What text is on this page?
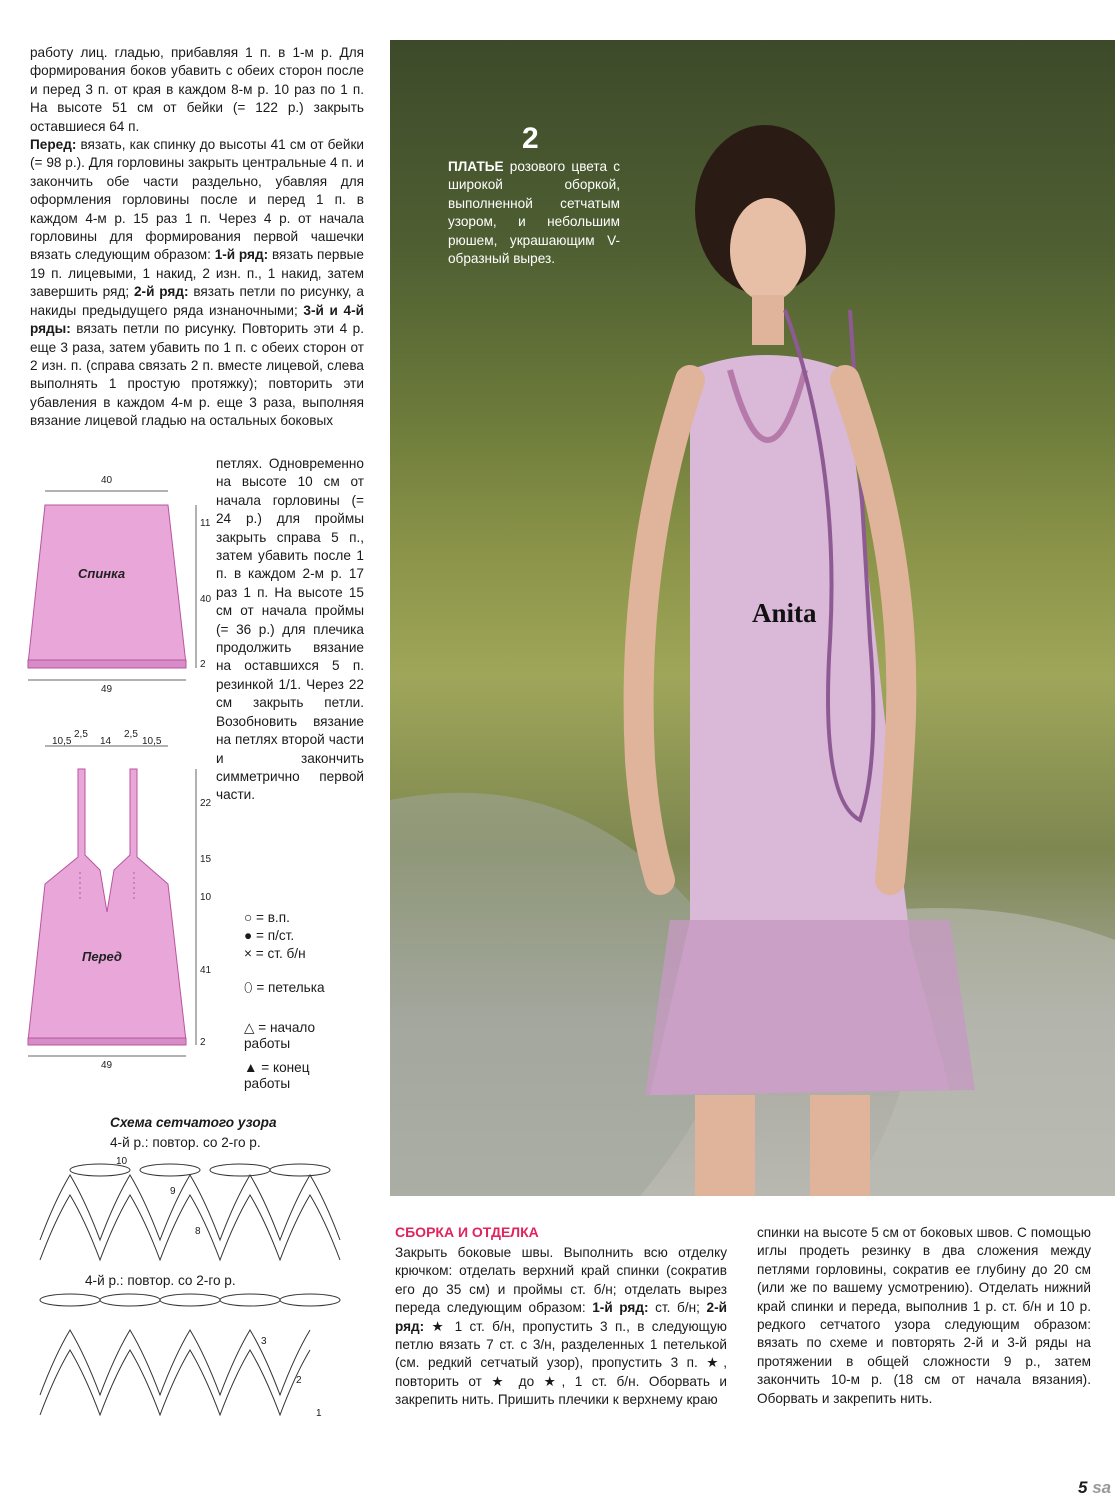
работу лиц. гладью, прибавляя 1 п. в 1-м р. Для формирования боков убавить с обеих сторон после и перед 3 п. от края в каждом 8-м р. 10 раз по 1 п. На высоте 51 см от бейки (= 122 р.) закрыть оставшиеся 64 п.

Перед: вязать, как спинку до высоты 41 см от бейки (= 98 р.). Для горловины закрыть центральные 4 п. и закончить обе части раздельно, убавляя для оформления горловины после и перед 1 п. в каждом 4-м р. 15 раз 1 п. Через 4 р. от начала горловины для формирования первой чашечки вязать следующим образом: 1-й ряд: вязать первые 19 п. лицевыми, 1 накид, 2 изн. п., 1 накид, затем завершить ряд; 2-й ряд: вязать петли по рисунку, а накиды предыдущего ряда изнаночными; 3-й и 4-й ряды: вязать петли по рисунку. Повторить эти 4 р. еще 3 раза, затем убавить по 1 п. с обеих сторон от 2 изн. п. (справа связать 2 п. вместе лицевой, слева выполнять 1 простую протяжку); повторить эти убавления в каждом 4-м р. еще 3 раза, выполняя вязание лицевой гладью на остальных боковых

петлях. Одновременно на высоте 10 см от начала горловины (= 24 р.) для проймы закрыть справа 5 п., затем убавить после 1 п. в каждом 2-м р. 17 раз 1 п. На высоте 15 см от начала проймы (= 36 р.) для плечика продолжить вязание на оставшихся 5 п. резинкой 1/1. Через 22 см закрыть петли. Возобновить вязание на петлях второй части и закончить симметрично первой части.

40
Спинка
49
11
40
2
10,5
2,5
14
2,5
10,5
Перед
49
22
15
10
41
2
○ = в.п.
● = п/ст.
× = ст. б/н
⬯ = петелька
△ = начало работы
▲ = конец работы
Схема сетчатого узора
4-й р.: повтор. со 2-го р.
4-й р.: повтор. со 2-го р.
10
9
8
3
2
1
2
ПЛАТЬЕ розового цвета с широкой оборкой, выполненной сетчатым узором, и небольшим рюшем, украшающим V-образный вырез.
Anita
СБОРКА И ОТДЕЛКА
Закрыть боковые швы. Выполнить всю отделку крючком: отделать верхний край спинки (сократив его до 35 см) и проймы ст. б/н; отделать вырез переда следующим образом: 1-й ряд: ст. б/н; 2-й ряд: ★ 1 ст. б/н, пропустить 3 п., в следующую петлю вязать 7 ст. с 3/н, разделенных 1 петелькой (см. редкий сетчатый узор), пропустить 3 п. ★, повторить от ★ до ★, 1 ст. б/н. Оборвать и закрепить нить. Пришить плечики к верхнему краю
спинки на высоте 5 см от боковых швов. С помощью иглы продеть резинку в два сложения между петлями горловины, сократив ее глубину до 20 см (или же по вашему усмотрению). Отделать нижний край спинки и переда, выполнив 1 р. ст. б/н и 10 р. редкого сетчатого узора следующим образом: вязать по схеме и повторять 2-й и 3-й ряды на протяжении в общей сложности 9 р., затем закончить 10-м р. (18 см от начала вязания). Оборвать и закрепить нить.
5 sa
